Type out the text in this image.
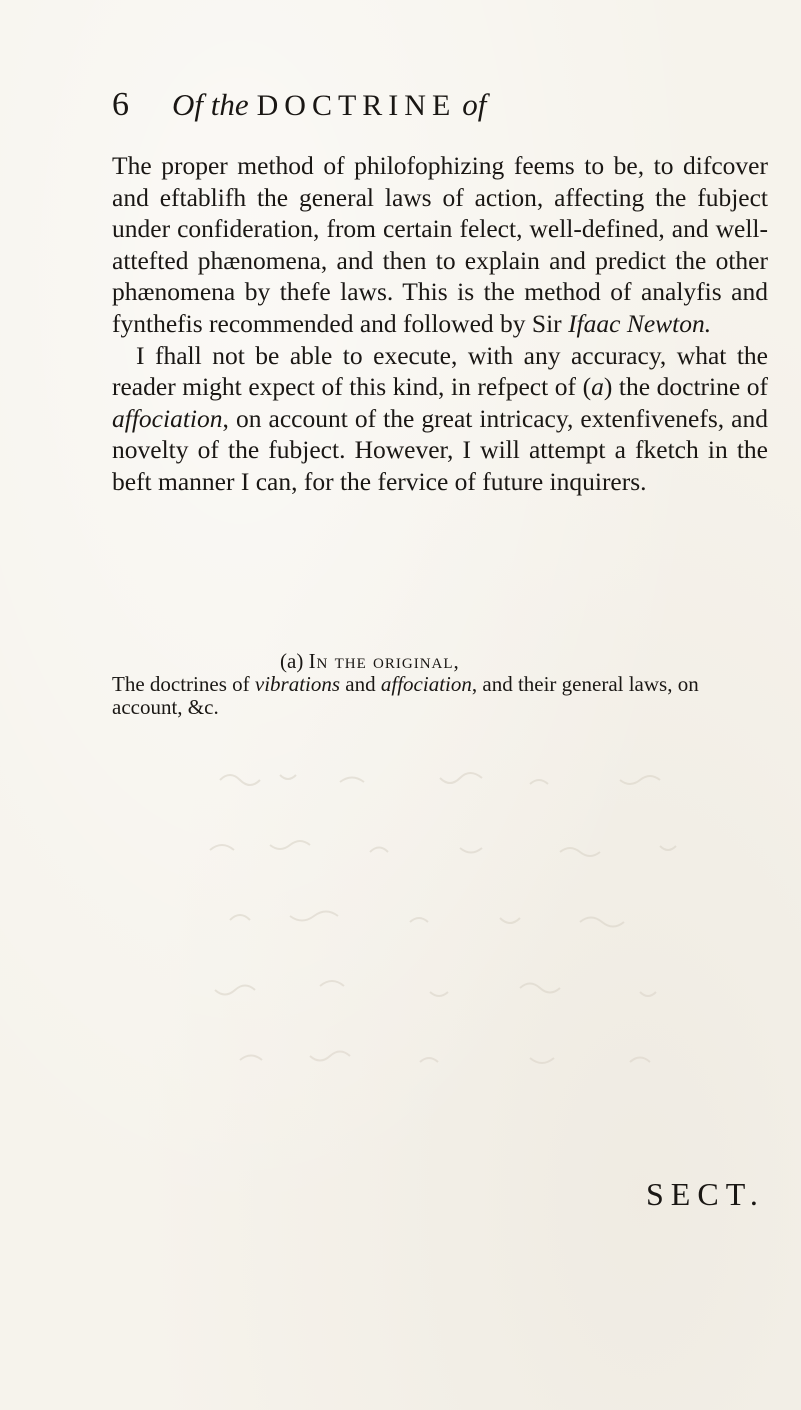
6 Of the DOCTRINE of

The proper method of philofophizing feems to be, to difcover and eftablifh the general laws of action, affecting the fubject under confideration, from certain felect, well-defined, and well-attefted phænomena, and then to explain and predict the other phænomena by thefe laws. This is the method of analyfis and fynthefis recommended and followed by Sir Ifaac Newton.

I fhall not be able to execute, with any accuracy, what the reader might expect of this kind, in refpect of (a) the doctrine of affociation, on account of the great intricacy, extenfivenefs, and novelty of the fubject. However, I will attempt a fketch in the beft manner I can, for the fervice of future inquirers.

(a) In the original,

The doctrines of vibrations and affociation, and their general laws, on account, &c.

SECT.
